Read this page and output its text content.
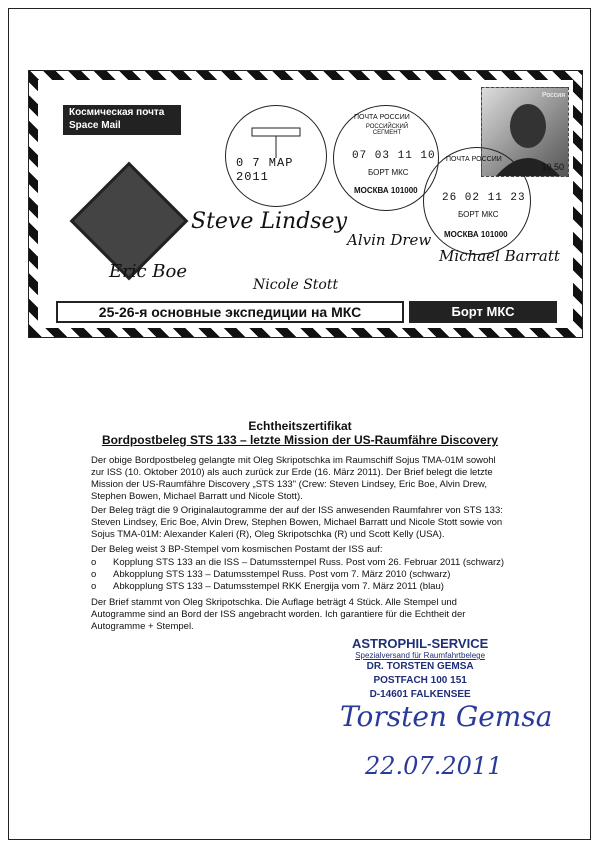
Космическая почта
Space Mail
0 7 MAP 2011
ПОЧТА РОССИИ
РОССИЙСКИЙ СЕГМЕНТ
07 03 11 10
БОРТ МКС
МОСКВА 101000
Россия
10.50
ПОЧТА РОССИИ
26 02 11 23
БОРТ МКС
МОСКВА 101000
Steve Lindsey
Eric Boe
Nicole Stott
Alvin Drew
Michael Barratt
25-26-я основные экспедиции на МКС	Борт МКС
Echtheitszertifikat
Bordpostbeleg STS 133 – letzte Mission der US-Raumfähre Discovery
Der obige Bordpostbeleg gelangte mit Oleg Skripotschka im Raumschiff Sojus TMA-01M sowohl zur ISS (10. Oktober 2010) als auch zurück zur Erde (16. März 2011). Der Brief belegt die letzte Mission der US-Raumfähre Discovery „STS 133" (Crew: Steven Lindsey, Eric Boe, Alvin Drew, Stephen Bowen, Michael Barratt und Nicole Stott).
Der Beleg trägt die 9 Originalautogramme der auf der ISS anwesenden Raumfahrer von STS 133: Steven Lindsey, Eric Boe, Alvin Drew, Stephen Bowen, Michael Barratt und Nicole Stott sowie von Sojus TMA-01M: Alexander Kaleri (R), Oleg Skripotschka (R) und Scott Kelly (USA).
Der Beleg weist 3 BP-Stempel vom kosmischen Postamt der ISS auf:
o	Kopplung STS 133 an die ISS – Datumssternpel Russ. Post vom 26. Februar 2011 (schwarz)
o	Abkopplung STS 133 – Datumsstempel Russ. Post vom 7. März 2010 (schwarz)
o	Abkopplung STS 133 – Datumsstempel RKK Energija vom 7. März 2011 (blau)
Der Brief stammt von Oleg Skripotschka. Die Auflage beträgt 4 Stück. Alle Stempel und Autogramme sind an Bord der ISS angebracht worden. Ich garantiere für die Echtheit der Autogramme + Stempel.
ASTROPHIL-SERVICE
Spezialversand für Raumfahrtbelege
DR. TORSTEN GEMSA
POSTFACH 100 151
D-14601 FALKENSEE
Torsten Gemsa
22.07.2011
